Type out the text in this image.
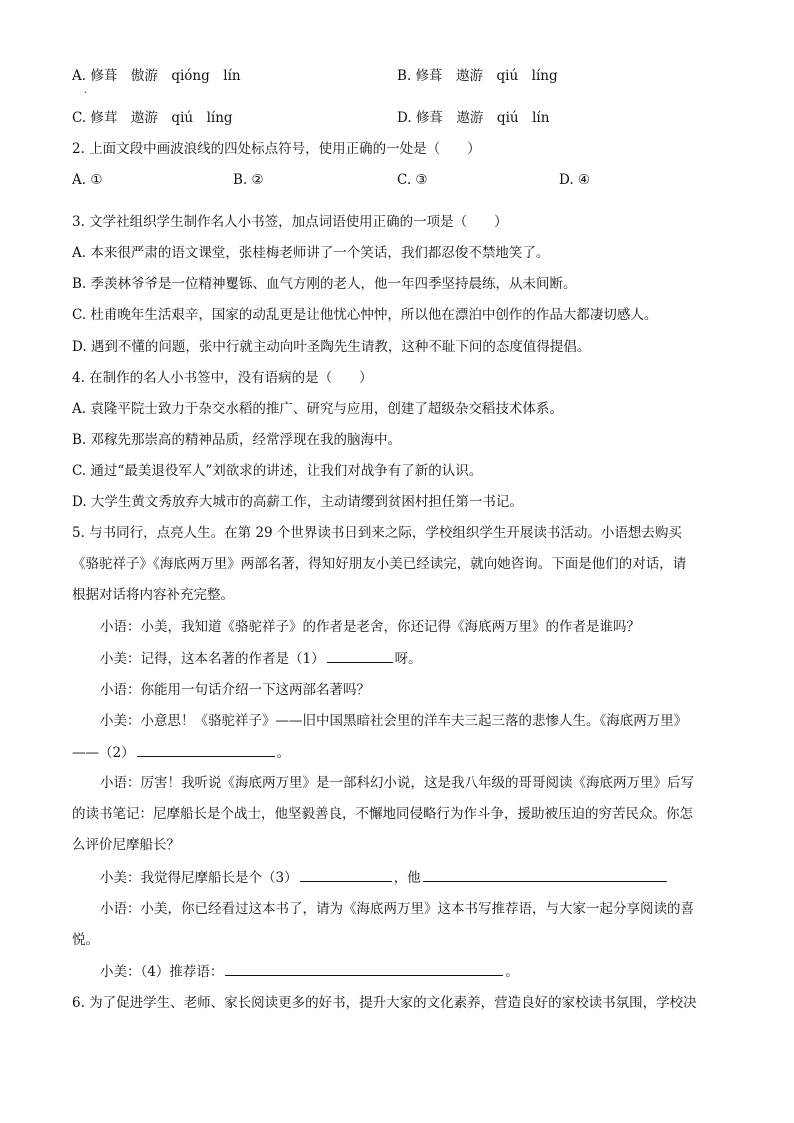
A. 修葺　傲游　qióng　lín	B. 修葺　遨游　qiú　líng
.
C. 修茸　遨游　qiú　líng	D. 修葺　遨游　qiú　lín
2. 上面文段中画波浪线的四处标点符号，使用正确的一处是（　　）
A. ①	B. ②	C. ③	D. ④
3. 文学社组织学生制作名人小书签，加点词语使用正确的一项是（　　）
A. 本来很严肃的语文课堂，张桂梅老师讲了一个笑话，我们都忍俊不禁地笑了。
B. 季羡林爷爷是一位精神矍铄、血气方刚的老人，他一年四季坚持晨练，从未间断。
C. 杜甫晚年生活艰辛，国家的动乱更是让他忧心忡忡，所以他在漂泊中创作的作品大都凄切感人。
D. 遇到不懂的问题，张中行就主动向叶圣陶先生请教，这种不耻下问的态度值得提倡。
4. 在制作的名人小书签中，没有语病的是（　　）
A. 袁隆平院士致力于杂交水稻的推广、研究与应用，创建了超级杂交稻技术体系。
B. 邓稼先那崇高的精神品质，经常浮现在我的脑海中。
C. 通过“最美退役军人”刘欲求的讲述，让我们对战争有了新的认识。
D. 大学生黄文秀放弃大城市的高薪工作，主动请缨到贫困村担任第一书记。
5. 与书同行，点亮人生。在第 29 个世界读书日到来之际，学校组织学生开展读书活动。小语想去购买
《骆驼祥子》《海底两万里》两部名著，得知好朋友小美已经读完，就向她咨询。下面是他们的对话，请
根据对话将内容补充完整。
小语：小美，我知道《骆驼祥子》的作者是老舍，你还记得《海底两万里》的作者是谁吗？
小美：记得，这本名著的作者是（1）	呀。
小语：你能用一句话介绍一下这两部名著吗？
小美：小意思！《骆驼祥子》——旧中国黑暗社会里的洋车夫三起三落的悲惨人生。《海底两万里》
——（2）	。
小语：厉害！我听说《海底两万里》是一部科幻小说，这是我八年级的哥哥阅读《海底两万里》后写
的读书笔记：尼摩船长是个战士，他坚毅善良，不懈地同侵略行为作斗争，援助被压迫的穷苦民众。你怎
么评价尼摩船长？
小美：我觉得尼摩船长是个（3）	，他
小语：小美，你已经看过这本书了，请为《海底两万里》这本书写推荐语，与大家一起分享阅读的喜
悦。
小美：（4）推荐语：	。
6. 为了促进学生、老师、家长阅读更多的好书，提升大家的文化素养，营造良好的家校读书氛围，学校决
